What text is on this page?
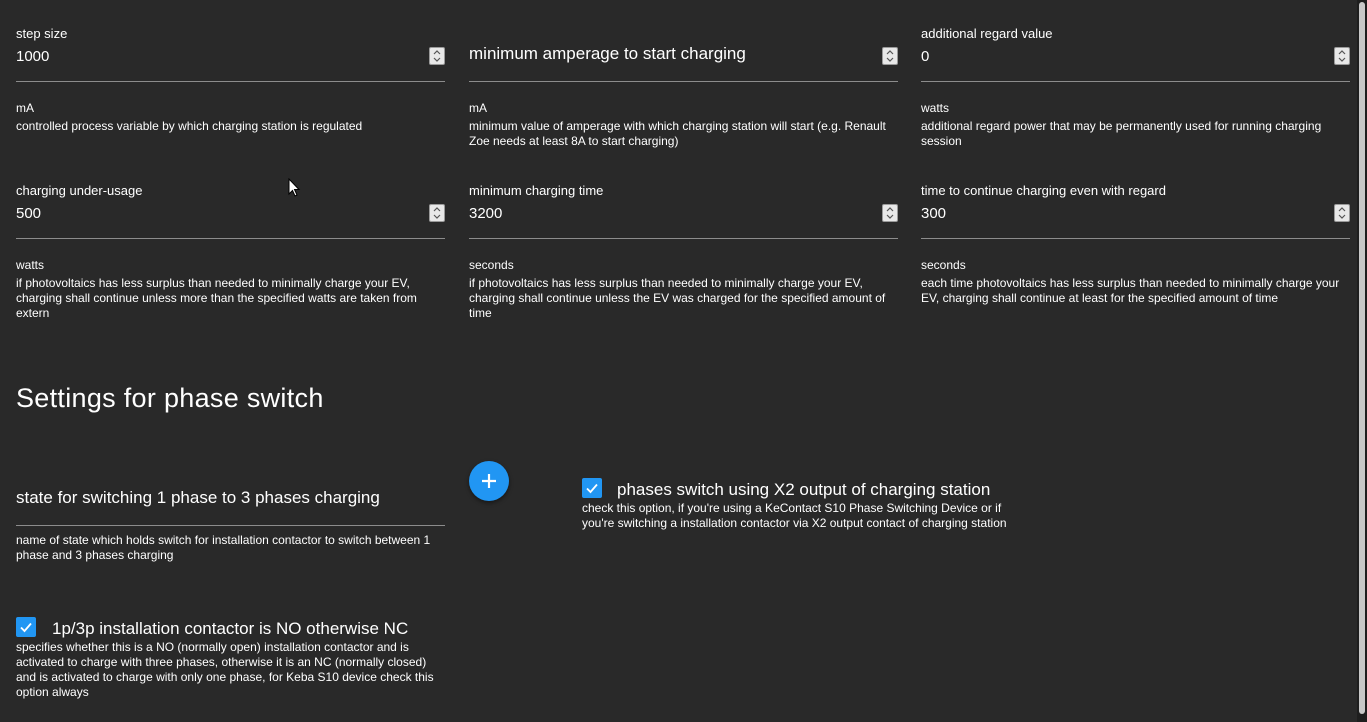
step size
1000
mA
controlled process variable by which charging station is regulated
minimum amperage to start charging
mA
minimum value of amperage with which charging station will start (e.g. Renault Zoe needs at least 8A to start charging)
additional regard value
0
watts
additional regard power that may be permanently used for running charging session
charging under-usage
500
watts
if photovoltaics has less surplus than needed to minimally charge your EV, charging shall continue unless more than the specified watts are taken from extern
minimum charging time
3200
seconds
if photovoltaics has less surplus than needed to minimally charge your EV, charging shall continue unless the EV was charged for the specified amount of time
time to continue charging even with regard
300
seconds
each time photovoltaics has less surplus than needed to minimally charge your EV, charging shall continue at least for the specified amount of time
Settings for phase switch
state for switching 1 phase to 3 phases charging
name of state which holds switch for installation contactor to switch between 1 phase and 3 phases charging
phases switch using X2 output of charging station
check this option, if you're using a KeContact S10 Phase Switching Device or if you're switching a installation contactor via X2 output contact of charging station
1p/3p installation contactor is NO otherwise NC
specifies whether this is a NO (normally open) installation contactor and is activated to charge with three phases, otherwise it is an NC (normally closed) and is activated to charge with only one phase, for Keba S10 device check this option always
